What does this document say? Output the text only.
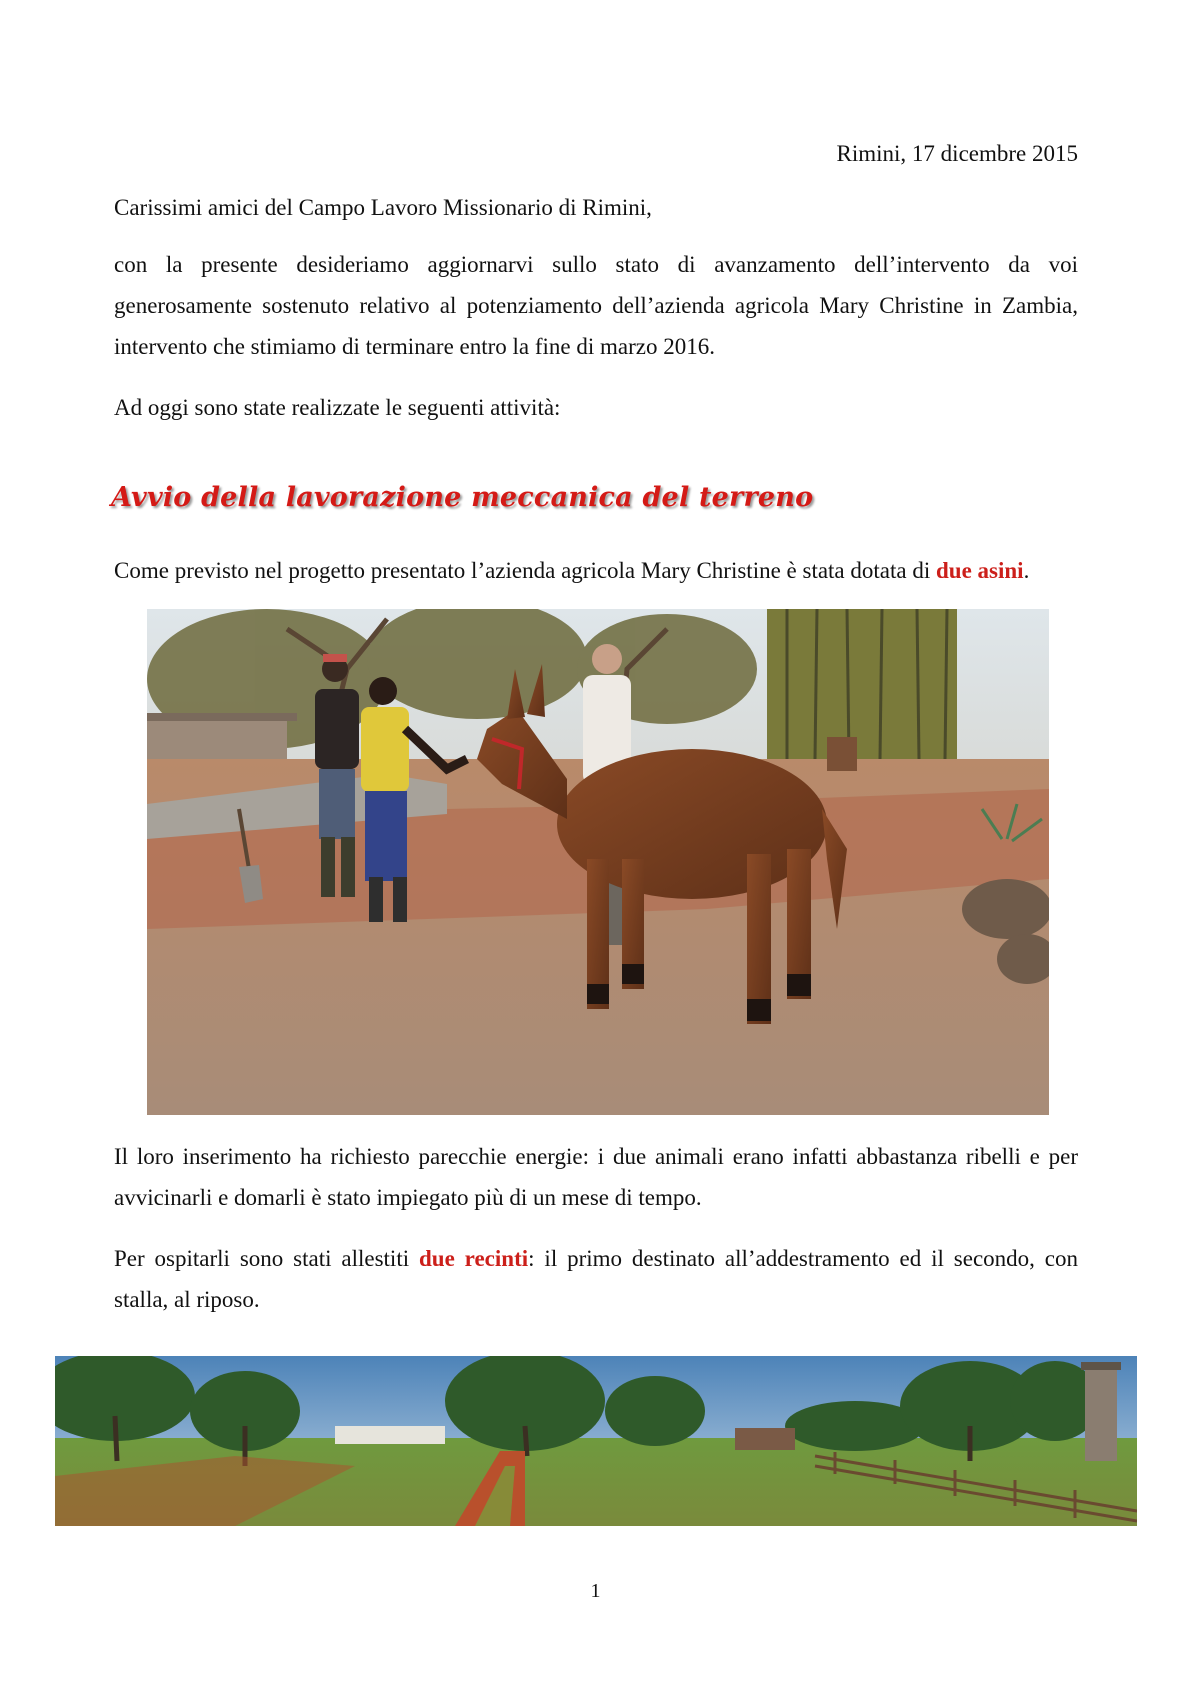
Rimini, 17 dicembre 2015

Carissimi amici del Campo Lavoro Missionario di Rimini,

con la presente desideriamo aggiornarvi sullo stato di avanzamento dell’intervento da voi generosamente sostenuto relativo al potenziamento dell’azienda agricola Mary Christine in Zambia, intervento che stimiamo di terminare entro la fine di marzo 2016.

Ad oggi sono state realizzate le seguenti attività:

Avvio della lavorazione meccanica del terreno

Come previsto nel progetto presentato l’azienda agricola Mary Christine è stata dotata di due asini.

Il loro inserimento ha richiesto parecchie energie: i due animali erano infatti abbastanza ribelli e per avvicinarli e domarli è stato impiegato più di un mese di tempo.

Per ospitarli sono stati allestiti due recinti: il primo destinato all’addestramento ed il secondo, con stalla, al riposo.

1
